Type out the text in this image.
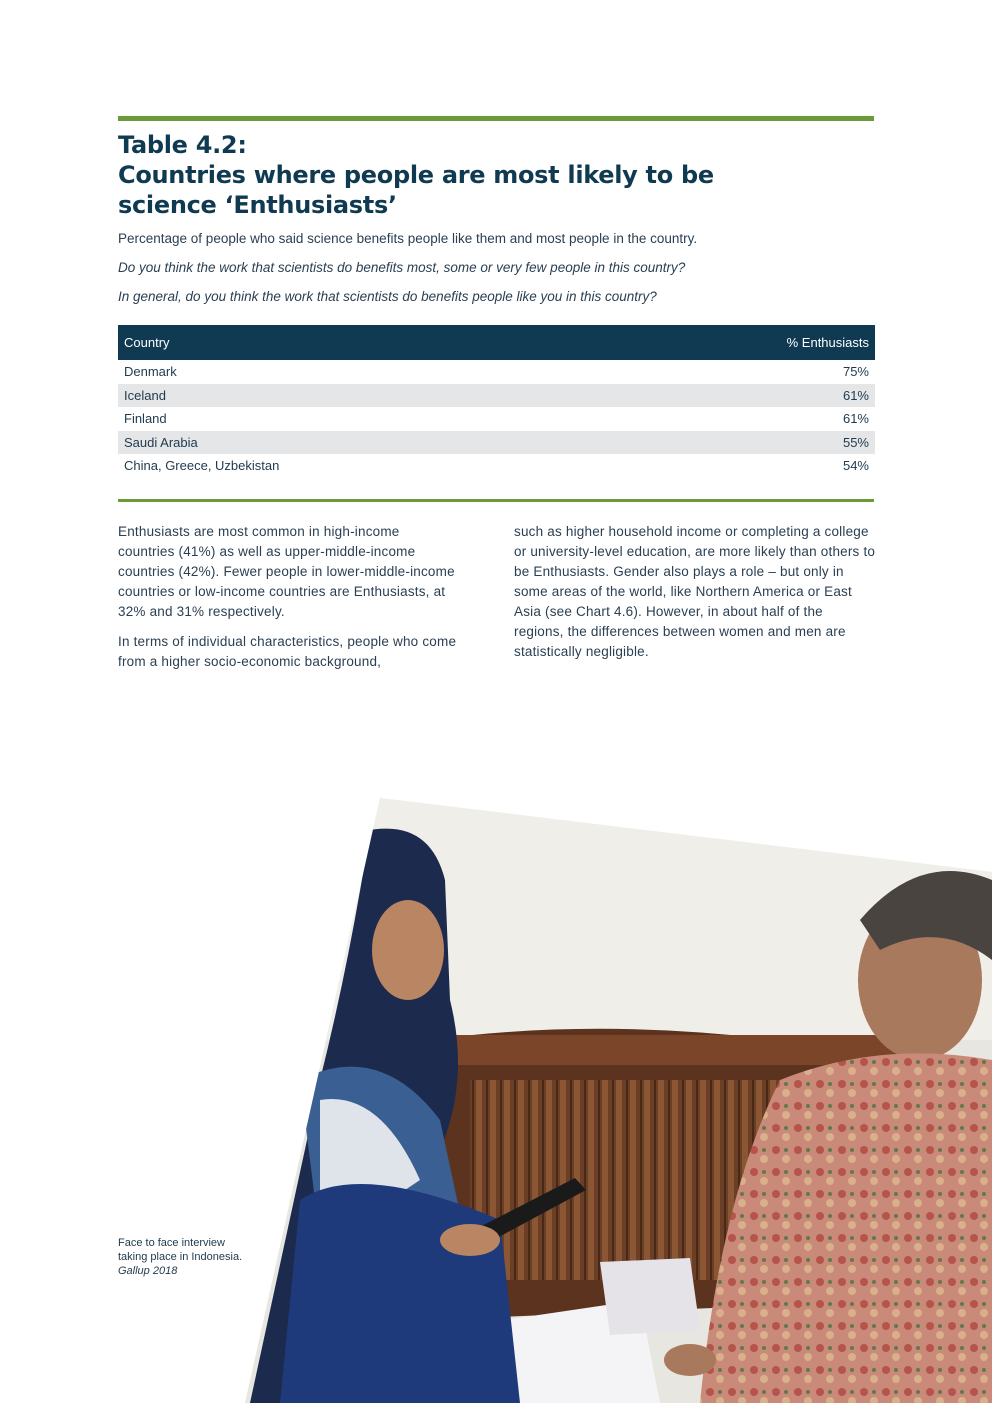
Table 4.2:
Countries where people are most likely to be
science ‘Enthusiasts’

Percentage of people who said science benefits people like them and most people in the country.

Do you think the work that scientists do benefits most, some or very few people in this country?

In general, do you think the work that scientists do benefits people like you in this country?

Country	% Enthusiasts
Denmark	75%
Iceland	61%
Finland	61%
Saudi Arabia	55%
China, Greece, Uzbekistan	54%

Enthusiasts are most common in high-income countries (41%) as well as upper-middle-income countries (42%). Fewer people in lower-middle-income countries or low-income countries are Enthusiasts, at 32% and 31% respectively.

In terms of individual characteristics, people who come from a higher socio-economic background,

such as higher household income or completing a college or university-level education, are more likely than others to be Enthusiasts. Gender also plays a role – but only in some areas of the world, like Northern America or East Asia (see Chart 4.6). However, in about half of the regions, the differences between women and men are statistically negligible.

Face to face interview
taking place in Indonesia.
Gallup 2018
